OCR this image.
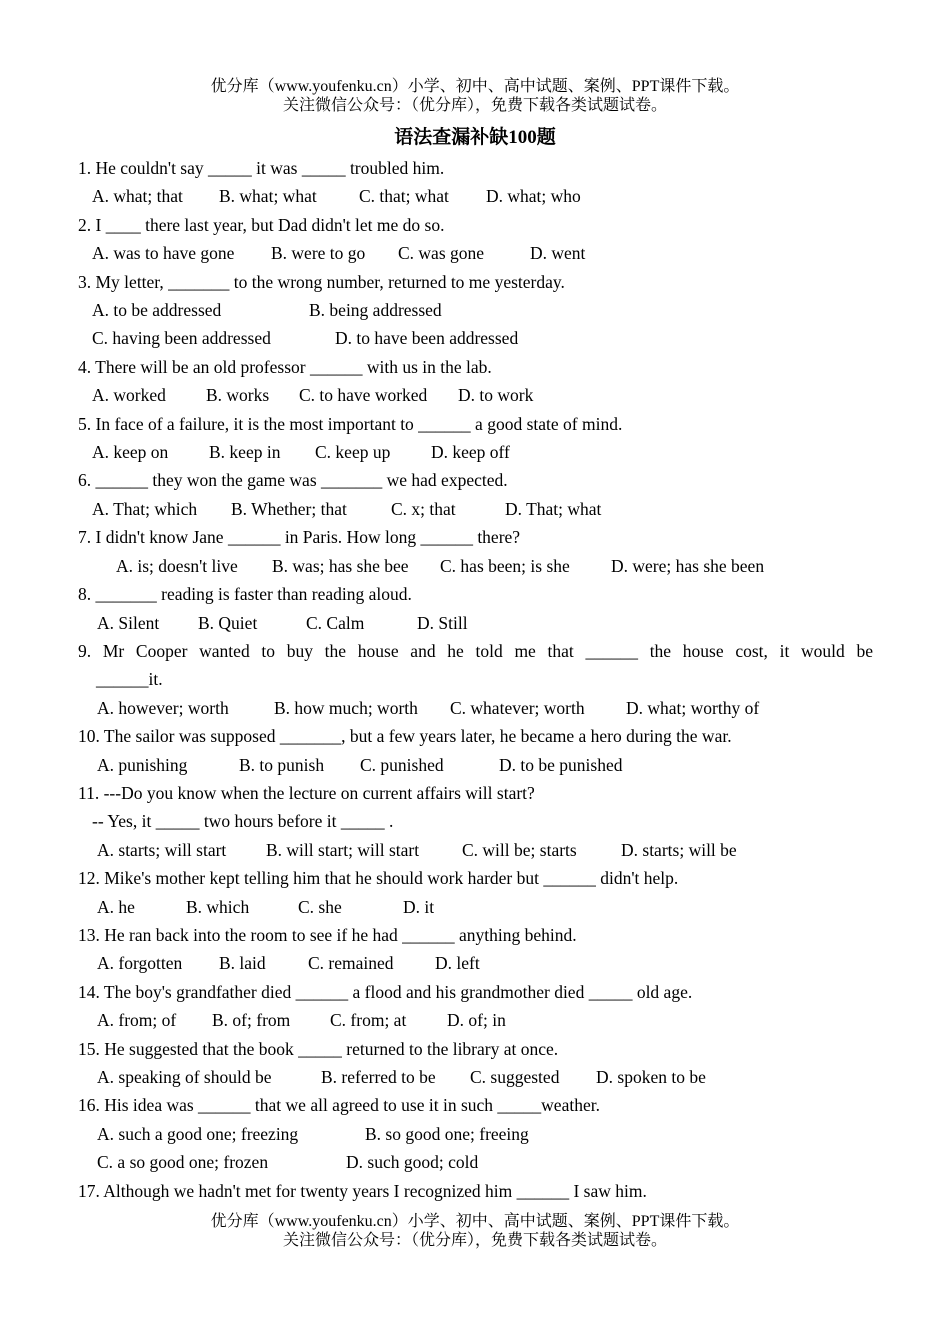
优分库（www.youfenku.cn）小学、初中、高中试题、案例、PPT课件下载。
关注微信公众号：（优分库），免费下载各类试题试卷。
语法查漏补缺100题

1. He couldn't say _____ it was _____ troubled him.

A. what; that	B. what; what	C. that; what	D. what; who

2. I ____ there last year, but Dad didn't let me do so.

A. was to have gone	B. were to go	C. was gone	D. went

3. My letter, _______ to the wrong number, returned to me yesterday.

A. to be addressed	B. being addressed
C. having been addressed	D. to have been addressed

4. There will be an old professor ______ with us in the lab.

A. worked	B. works	C. to have worked	D. to work

5. In face of a failure, it is the most important to ______ a good state of mind.

A. keep on	B. keep in	C. keep up	D. keep off

6. ______ they won the game was _______ we had expected.

A. That; which	B. Whether; that	C. x; that	D. That; what

7. I didn't know Jane ______ in Paris. How long ______ there?

A. is; doesn't live	B. was; has she bee	C. has been; is she	D. were; has she been

8. _______ reading is faster than reading aloud.

A. Silent	B. Quiet	C. Calm	D. Still

9. Mr Cooper wanted to buy the house and he told me that ______ the house cost, it would be

______it.

A. however; worth	B. how much; worth	C. whatever; worth	D. what; worthy of

10. The sailor was supposed _______, but a few years later, he became a hero during the war.

A. punishing	B. to punish	C. punished	D. to be punished

11. ---Do you know when the lecture on current affairs will start?

-- Yes, it _____ two hours before it _____ .

A. starts; will start	B. will start; will start	C. will be; starts	D. starts; will be

12. Mike's mother kept telling him that he should work harder but ______ didn't help.

A. he	B. which	C. she	D. it

13. He ran back into the room to see if he had ______ anything behind.

A. forgotten	B. laid	C. remained	D. left

14. The boy's grandfather died ______ a flood and his grandmother died _____ old age.

A. from; of	B. of; from	C. from; at	D. of; in

15. He suggested that the book _____ returned to the library at once.

A. speaking of should be	B. referred to be	C. suggested	D. spoken to be

16. His idea was ______ that we all agreed to use it in such _____weather.

A. such a good one; freezing	B. so good one; freeing
C. a so good one; frozen	D. such good; cold

17. Although we hadn't met for twenty years I recognized him ______ I saw him.

优分库（www.youfenku.cn）小学、初中、高中试题、案例、PPT课件下载。
关注微信公众号：（优分库），免费下载各类试题试卷。
